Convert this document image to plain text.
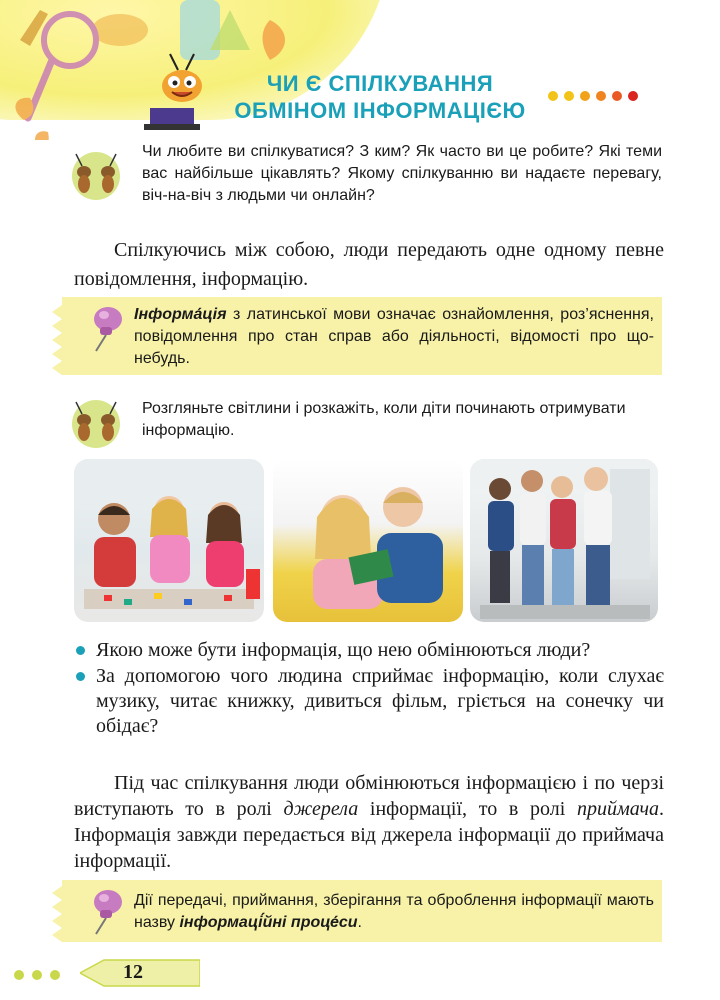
ЧИ Є СПІЛКУВАННЯ
ОБМІНОМ ІНФОРМАЦІЄЮ
Чи любите ви спілкуватися? З ким? Як часто ви це робите? Які теми вас найбільше цікавлять? Якому спілкуванню ви надаєте перевагу, віч-на-віч з людьми чи онлайн?
Спілкуючись між собою, люди передають одне одному певне повідомлення, інформацію.
Інформа́ція з латинської мови означає ознайомлення, роз’яснення, повідомлення про стан справ або діяльності, відомості про що-небудь.
Розгляньте світлини і розкажіть, коли діти починають отримувати інформацію.
Якою може бути інформація, що нею обмінюються люди?
За допомогою чого людина сприймає інформацію, коли слухає музику, читає книжку, дивиться фільм, гріється на сонечку чи обідає?
Під час спілкування люди обмінюються інформацією і по черзі виступають то в ролі джерела інформації, то в ролі приймача. Інформація завжди передається від джерела інформації до приймача інформації.
Дії передачі, приймання, зберігання та оброблення інформації мають назву інформаці́йні проце́си.
12
